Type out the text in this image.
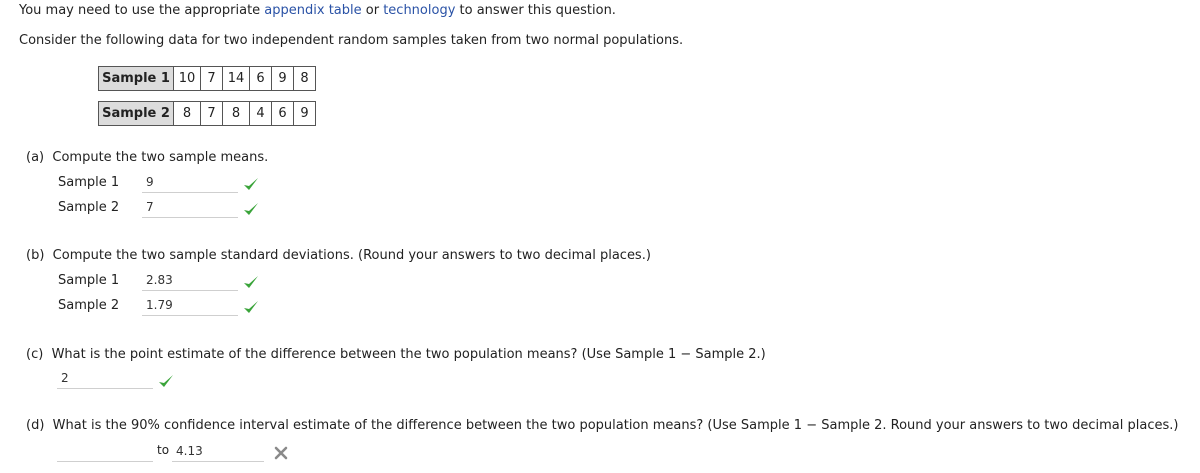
You may need to use the appropriate appendix table or technology to answer this question.
Consider the following data for two independent random samples taken from two normal populations.
Sample 1	10	7	14	6	9	8

Sample 2	8	7	8	4	6	9
(a) Compute the two sample means.
Sample 1	9
Sample 2	7
(b) Compute the two sample standard deviations. (Round your answers to two decimal places.)
Sample 1	2.83
Sample 2	1.79
(c) What is the point estimate of the difference between the two population means? (Use Sample 1 − Sample 2.)
2
(d) What is the 90% confidence interval estimate of the difference between the two population means? (Use Sample 1 − Sample 2. Round your answers to two decimal places.)
to 4.13
